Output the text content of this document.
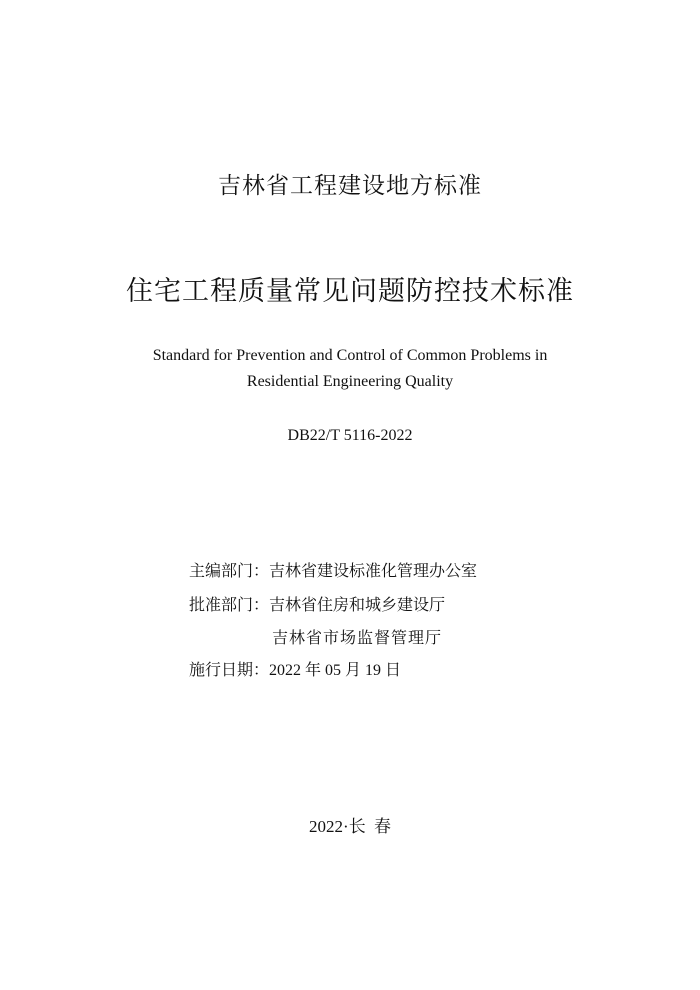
吉林省工程建设地方标准
住宅工程质量常见问题防控技术标准
Standard for Prevention and Control of Common Problems in
Residential Engineering Quality
DB22/T 5116-2022
主编部门：吉林省建设标准化管理办公室
批准部门：吉林省住房和城乡建设厅
吉林省市场监督管理厅
施行日期：2022 年 05 月 19 日
2022·长 春
